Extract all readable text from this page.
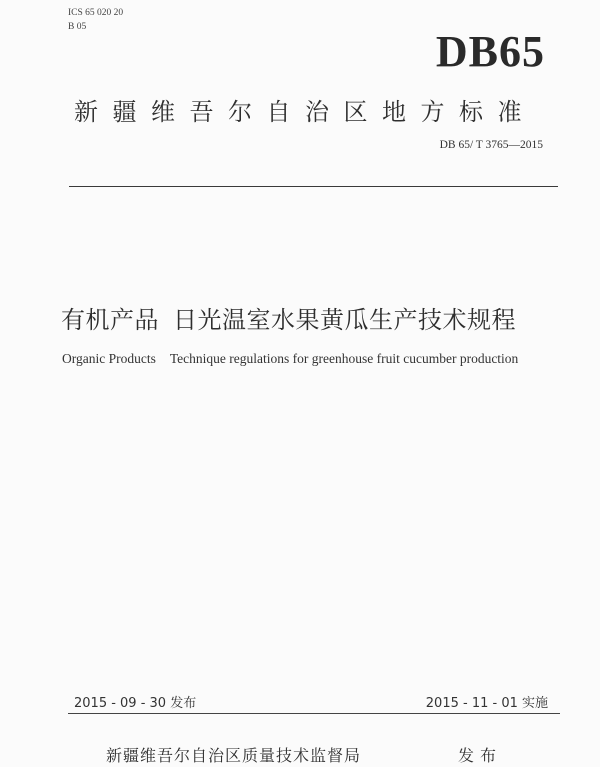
ICS 65 020 20
B 05	DB65
新疆维吾尔自治区地方标准
DB 65/ T 3765—2015
有机产品 日光温室水果黄瓜生产技术规程
Organic Products Technique regulations for greenhouse fruit cucumber production
2015 - 09 - 30 发布	2015 - 11 - 01 实施
新疆维吾尔自治区质量技术监督局	发布
